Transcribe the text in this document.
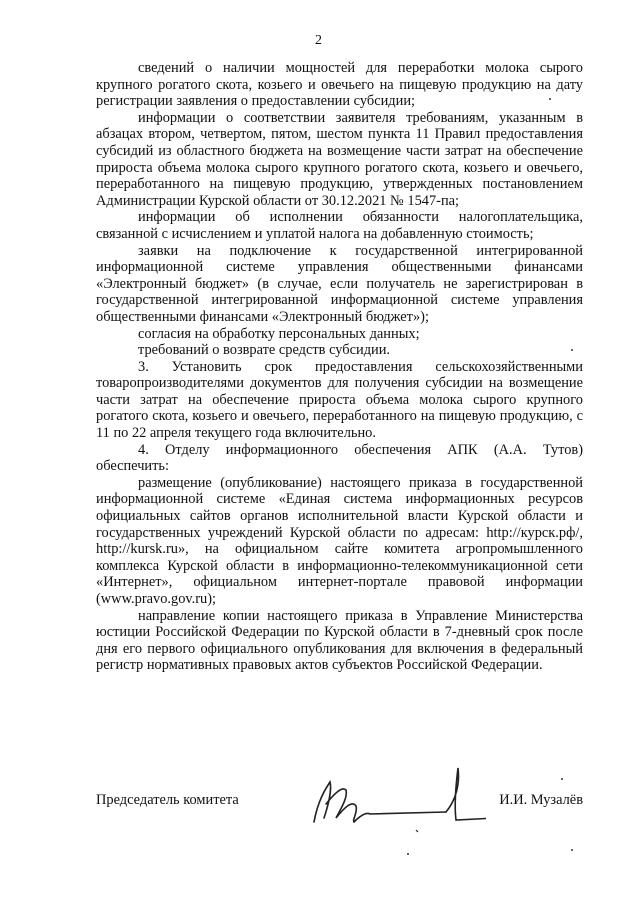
2

сведений о наличии мощностей для переработки молока сырого крупного рогатого скота, козьего и овечьего на пищевую продукцию на дату регистрации заявления о предоставлении субсидии;

информации о соответствии заявителя требованиям, указанным в абзацах втором, четвертом, пятом, шестом пункта 11 Правил предоставления субсидий из областного бюджета на возмещение части затрат на обеспечение прироста объема молока сырого крупного рогатого скота, козьего и овечьего, переработанного на пищевую продукцию, утвержденных постановлением Администрации Курской области от 30.12.2021 № 1547-па;

информации об исполнении обязанности налогоплательщика, связанной с исчислением и уплатой налога на добавленную стоимость;

заявки на подключение к государственной интегрированной информационной системе управления общественными финансами «Электронный бюджет» (в случае, если получатель не зарегистрирован в государственной интегрированной информационной системе управления общественными финансами «Электронный бюджет»);

согласия на обработку персональных данных;

требований о возврате средств субсидии.

3. Установить срок предоставления сельскохозяйственными товаропроизводителями документов для получения субсидии на возмещение части затрат на обеспечение прироста объема молока сырого крупного рогатого скота, козьего и овечьего, переработанного на пищевую продукцию, с 11 по 22 апреля текущего года включительно.

4. Отделу информационного обеспечения АПК (А.А. Тутов) обеспечить:

размещение (опубликование) настоящего приказа в государственной информационной системе «Единая система информационных ресурсов официальных сайтов органов исполнительной власти Курской области и государственных учреждений Курской области по адресам: http://курск.рф/, http://kursk.ru», на официальном сайте комитета агропромышленного комплекса Курской области в информационно-телекоммуникационной сети «Интернет», официальном интернет-портале правовой информации (www.pravo.gov.ru);

направление копии настоящего приказа в Управление Министерства юстиции Российской Федерации по Курской области в 7-дневный срок после дня его первого официального опубликования для включения в федеральный регистр нормативных правовых актов субъектов Российской Федерации.

Председатель комитета	И.И. Музалёв
